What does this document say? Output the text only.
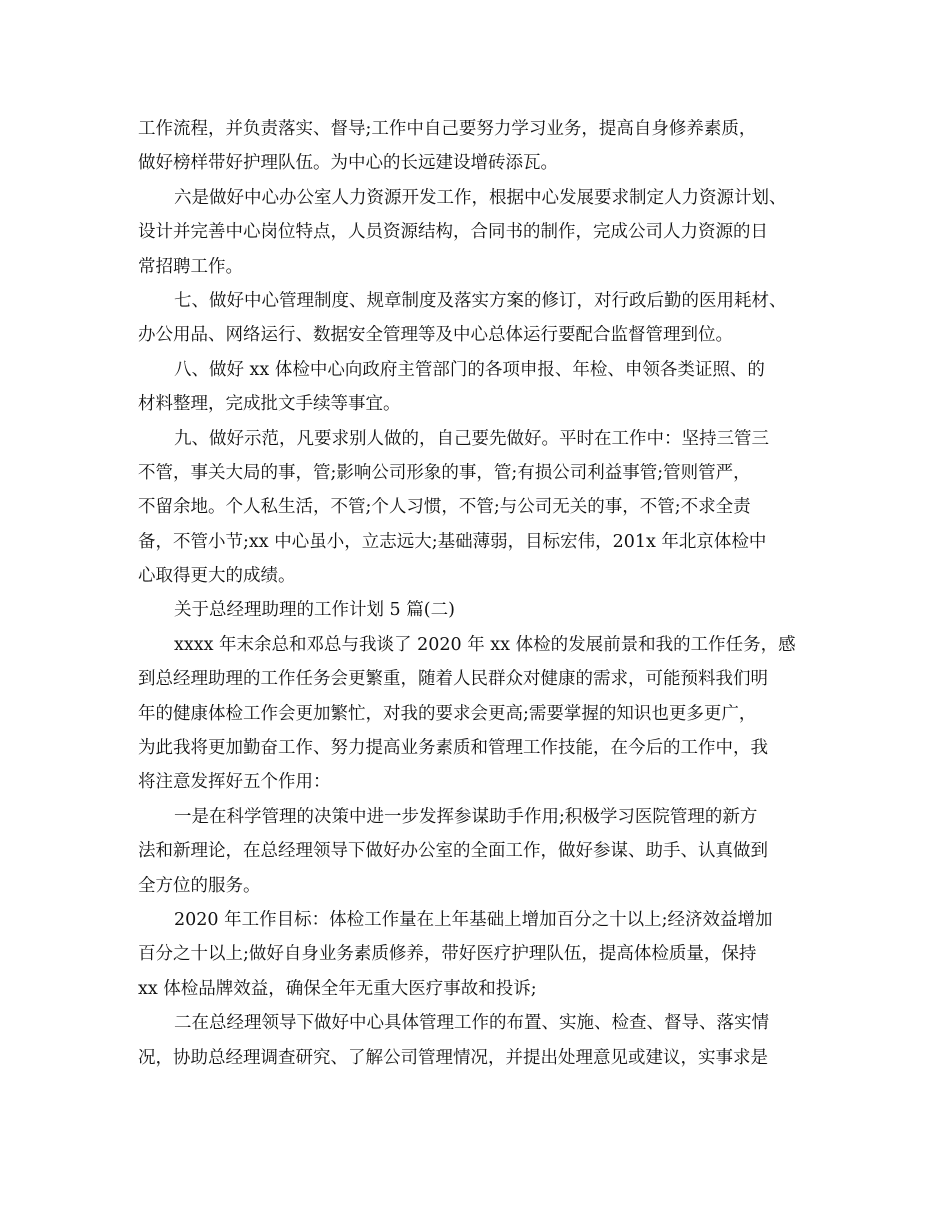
工作流程，并负责落实、督导;工作中自己要努力学习业务，提高自身修养素质，
做好榜样带好护理队伍。为中心的长远建设增砖添瓦。
六是做好中心办公室人力资源开发工作，根据中心发展要求制定人力资源计划、
设计并完善中心岗位特点，人员资源结构，合同书的制作，完成公司人力资源的日
常招聘工作。
七、做好中心管理制度、规章制度及落实方案的修订，对行政后勤的医用耗材、
办公用品、网络运行、数据安全管理等及中心总体运行要配合监督管理到位。
八、做好 xx 体检中心向政府主管部门的各项申报、年检、申领各类证照、的
材料整理，完成批文手续等事宜。
九、做好示范，凡要求别人做的，自己要先做好。平时在工作中：坚持三管三
不管，事关大局的事，管;影响公司形象的事，管;有损公司利益事管;管则管严，
不留余地。个人私生活，不管;个人习惯，不管;与公司无关的事，不管;不求全责
备，不管小节;xx 中心虽小，立志远大;基础薄弱，目标宏伟，201x 年北京体检中
心取得更大的成绩。
关于总经理助理的工作计划 5 篇(二)
xxxx 年末余总和邓总与我谈了 2020 年 xx 体检的发展前景和我的工作任务，感
到总经理助理的工作任务会更繁重，随着人民群众对健康的需求，可能预料我们明
年的健康体检工作会更加繁忙，对我的要求会更高;需要掌握的知识也更多更广，
为此我将更加勤奋工作、努力提高业务素质和管理工作技能，在今后的工作中，我
将注意发挥好五个作用：
一是在科学管理的决策中进一步发挥参谋助手作用;积极学习医院管理的新方
法和新理论，在总经理领导下做好办公室的全面工作，做好参谋、助手、认真做到
全方位的服务。
2020 年工作目标：体检工作量在上年基础上增加百分之十以上;经济效益增加
百分之十以上;做好自身业务素质修养，带好医疗护理队伍，提高体检质量，保持
xx 体检品牌效益，确保全年无重大医疗事故和投诉;
二在总经理领导下做好中心具体管理工作的布置、实施、检查、督导、落实情
况，协助总经理调查研究、了解公司管理情况，并提出处理意见或建议，实事求是
